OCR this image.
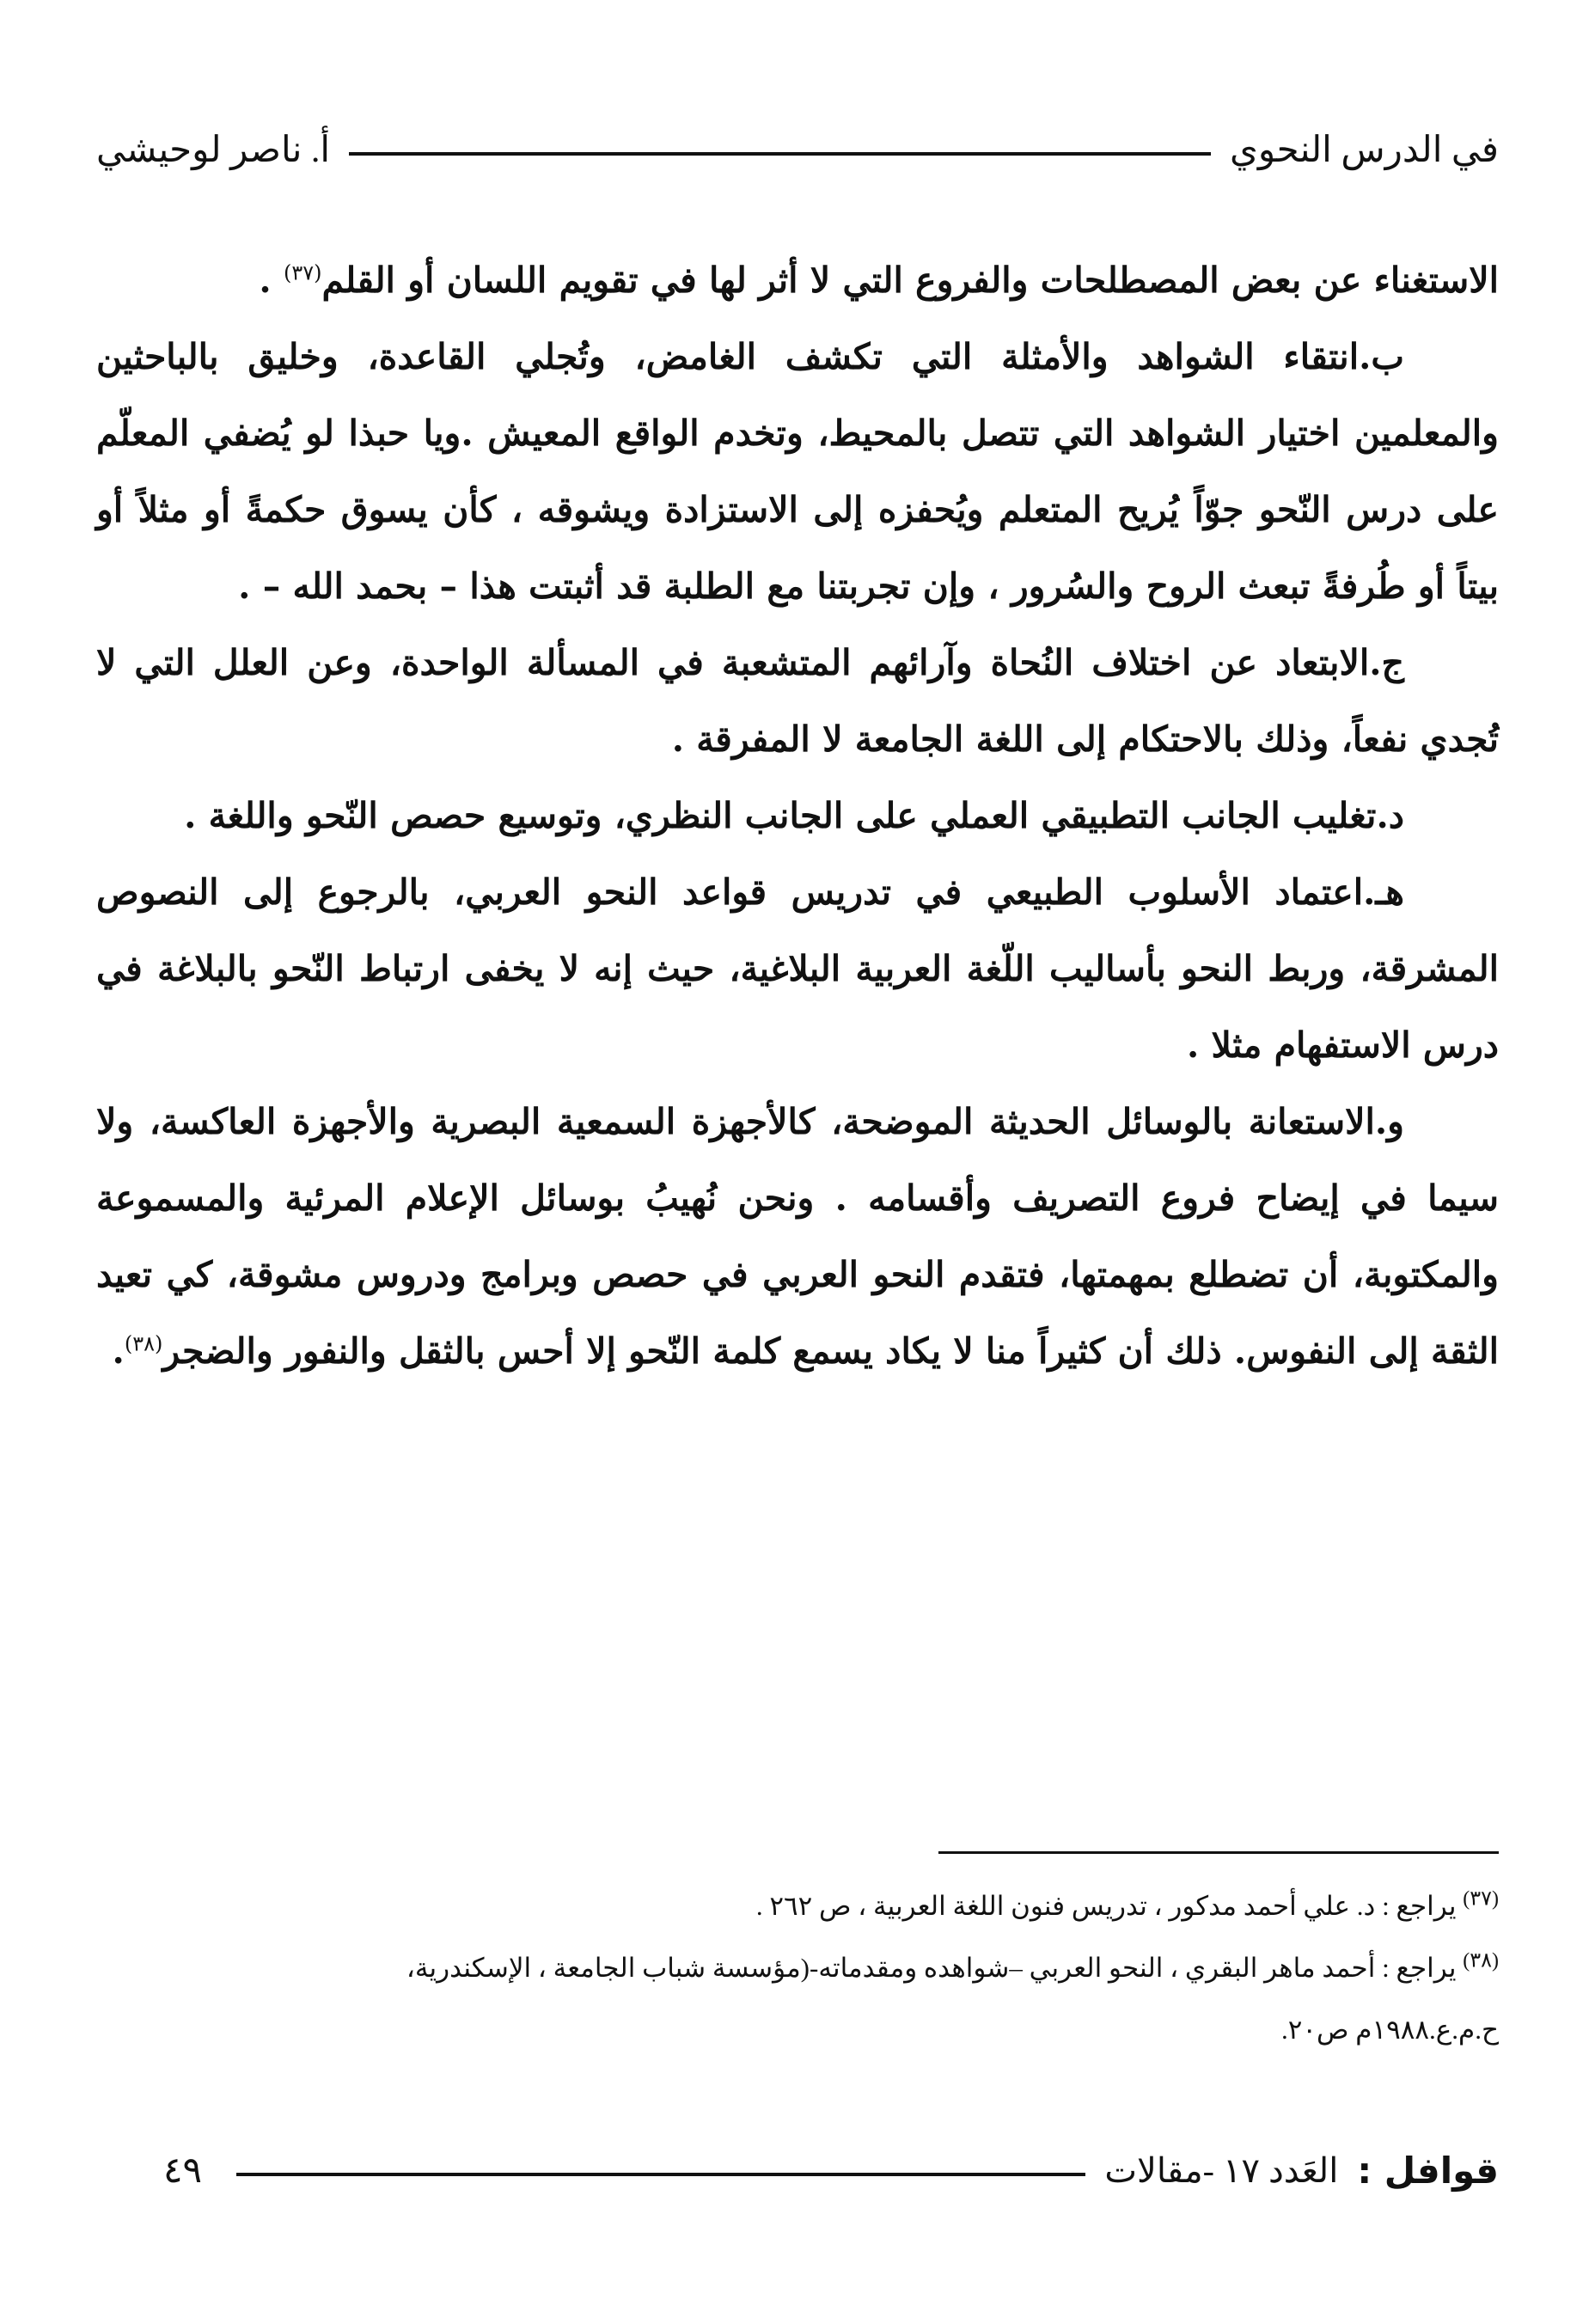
في الدرس النحوي
أ. ناصر لوحيشي

الاستغناء عن بعض المصطلحات والفروع التي لا أثر لها في تقويم اللسان أو القلم$^{(٣٧)}$ .

ب.انتقاء الشواهد والأمثلة التي تكشف الغامض، وتُجلي القاعدة، وخليق بالباحثين والمعلمين اختيار الشواهد التي تتصل بالمحيط، وتخدم الواقع المعيش .ويا حبذا لو يُضفي المعلّم على درس النّحو جوّاً يُريح المتعلم ويُحفزه إلى الاستزادة ويشوقه ، كأن يسوق حكمةً أو مثلاً أو بيتاً أو طُرفةً تبعث الروح والسُرور ، وإن تجربتنا مع الطلبة قد أثبتت هذا – بحمد الله – .

ج.الابتعاد عن اختلاف النُحاة وآرائهم المتشعبة في المسألة الواحدة، وعن العلل التي لا تُجدي نفعاً، وذلك بالاحتكام إلى اللغة الجامعة لا المفرقة .

د.تغليب الجانب التطبيقي العملي على الجانب النظري، وتوسيع حصص النّحو واللغة .

هـ.اعتماد الأسلوب الطبيعي في تدريس قواعد النحو العربي، بالرجوع إلى النصوص المشرقة، وربط النحو بأساليب اللّغة العربية البلاغية، حيث إنه لا يخفى ارتباط النّحو بالبلاغة في درس الاستفهام مثلا .

و.الاستعانة بالوسائل الحديثة الموضحة، كالأجهزة السمعية البصرية والأجهزة العاكسة، ولا سيما في إيضاح فروع التصريف وأقسامه . ونحن نُهيبُ بوسائل الإعلام المرئية والمسموعة والمكتوبة، أن تضطلع بمهمتها، فتقدم النحو العربي في حصص وبرامج ودروس مشوقة، كي تعيد الثقة إلى النفوس. ذلك أن كثيراً منا لا يكاد يسمع كلمة النّحو إلا أحس بالثقل والنفور والضجر$^{(٣٨)}$.

$^{(٣٧)}$ يراجع : د. علي أحمد مدكور ، تدريس فنون اللغة العربية ، ص ٢٦٢ .

$^{(٣٨)}$ يراجع : أحمد ماهر البقري ، النحو العربي –شواهده ومقدماته-(مؤسسة شباب الجامعة ، الإسكندرية،

ح.م.ع.١٩٨٨م ص٢٠.

قوافل :
العَدد ١٧ -مقالات
٤٩
